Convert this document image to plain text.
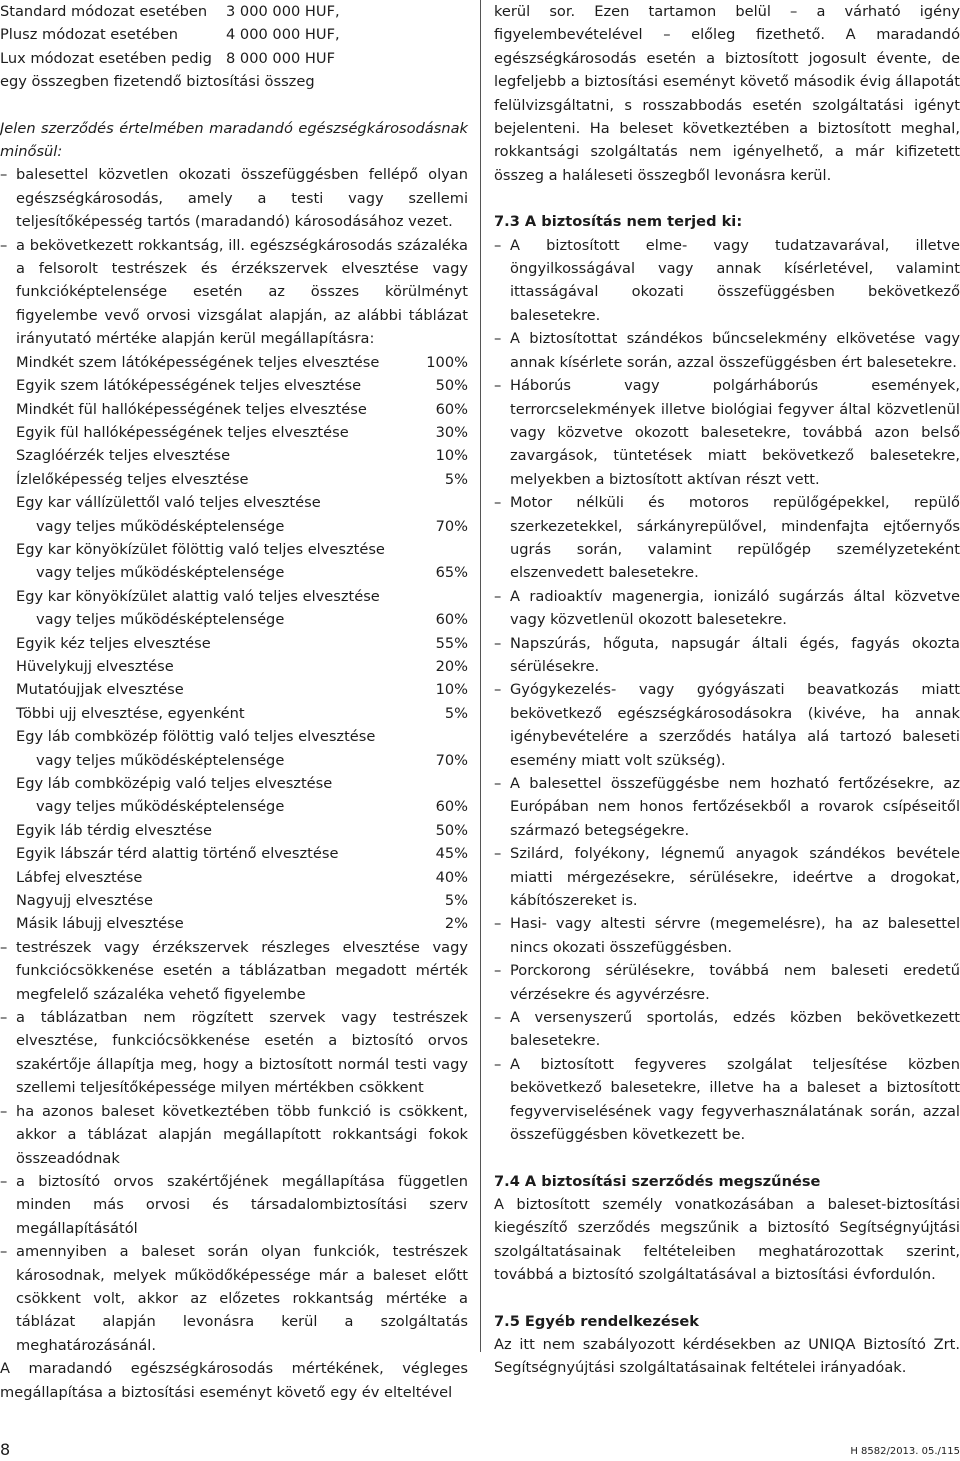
Standard módozat esetében	3 000 000 HUF,
Plusz módozat esetében	4 000 000 HUF,
Lux módozat esetében pedig 8 000 000 HUF

egy összegben fizetendő biztosítási összeg

Jelen szerződés értelmében maradandó egészségkárosodásnak minősül:

– balesettel közvetlen okozati összefüggésben fellépő olyan egészségkárosodás, amely a testi vagy szellemi teljesítőképesség tartós (maradandó) károsodásához vezet.

– a bekövetkezett rokkantság, ill. egészségkárosodás százaléka a felsorolt testrészek és érzékszervek elvesztése vagy funkcióképtelensége esetén az összes körülményt figyelembe vevő orvosi vizsgálat alapján, az alábbi táblázat irányutató mértéke alapján kerül megállapításra:

Mindkét szem látóképességének teljes elvesztése	100%
Egyik szem látóképességének teljes elvesztése	50%
Mindkét fül hallóképességének teljes elvesztése	60%
Egyik fül hallóképességének teljes elvesztése	30%
Szaglóérzék teljes elvesztése	10%
Ízlelőképesség teljes elvesztése	5%
Egy kar vállízülettől való teljes elvesztése
vagy teljes működésképtelensége	70%
Egy kar könyökízület fölöttig való teljes elvesztése
vagy teljes működésképtelensége	65%
Egy kar könyökízület alattig való teljes elvesztése
vagy teljes működésképtelensége	60%
Egyik kéz teljes elvesztése	55%
Hüvelykujj elvesztése	20%
Mutatóujjak elvesztése	10%
Többi ujj elvesztése, egyenként	5%
Egy láb combközép fölöttig való teljes elvesztése
vagy teljes működésképtelensége	70%
Egy láb combközépig való teljes elvesztése
vagy teljes működésképtelensége	60%
Egyik láb térdig elvesztése	50%
Egyik lábszár térd alattig történő elvesztése	45%
Lábfej elvesztése	40%
Nagyujj elvesztése	5%
Másik lábujj elvesztése	2%

– testrészek vagy érzékszervek részleges elvesztése vagy funkciócsökkenése esetén a táblázatban megadott mérték megfelelő százaléka vehető figyelembe

– a táblázatban nem rögzített szervek vagy testrészek elvesztése, funkciócsökkenése esetén a biztosító orvos szakértője állapítja meg, hogy a biztosított normál testi vagy szellemi teljesítőképessége milyen mértékben csökkent

– ha azonos baleset következtében több funkció is csökkent, akkor a táblázat alapján megállapított rokkantsági fokok összeadódnak

– a biztosító orvos szakértőjének megállapítása független minden más orvosi és társadalombiztosítási szerv megállapításától

– amennyiben a baleset során olyan funkciók, testrészek károsodnak, melyek működőképessége már a baleset előtt csökkent volt, akkor az előzetes rokkantság mértéke a táblázat alapján levonásra kerül a szolgáltatás meghatározásánál.

A maradandó egészségkárosodás mértékének, végleges megállapítása a biztosítási eseményt követő egy év elteltével

kerül sor. Ezen tartamon belül – a várható igény figyelembevételével – előleg fizethető. A maradandó egészségkárosodás esetén a biztosított jogosult évente, de legfeljebb a biztosítási eseményt követő második évig állapotát felülvizsgáltatni, s rosszabbodás esetén szolgáltatási igényt bejelenteni. Ha beleset következtében a biztosított meghal, rokkantsági szolgáltatás nem igényelhető, a már kifizetett összeg a haláleseti összegből levonásra kerül.

7.3 A biztosítás nem terjed ki:

– A biztosított elme- vagy tudatzavarával, illetve öngyilkosságával vagy annak kísérletével, valamint ittasságával okozati összefüggésben bekövetkező balesetekre.

– A biztosítottat szándékos bűncselekmény elkövetése vagy annak kísérlete során, azzal összefüggésben ért balesetekre.

– Háborús vagy polgárháborús események, terrorcselekmények illetve biológiai fegyver által közvetlenül vagy közvetve okozott balesetekre, továbbá azon belső zavargások, tüntetések miatt bekövetkező balesetekre, melyekben a biztosított aktívan részt vett.

– Motor nélküli és motoros repülőgépekkel, repülő szerkezetekkel, sárkányrepülővel, mindenfajta ejtőernyős ugrás során, valamint repülőgép személyzeteként elszenvedett balesetekre.

– A radioaktív magenergia, ionizáló sugárzás által közvetve vagy közvetlenül okozott balesetekre.

– Napszúrás, hőguta, napsugár általi égés, fagyás okozta sérülésekre.

– Gyógykezelés- vagy gyógyászati beavatkozás miatt bekövetkező egészségkárosodásokra (kivéve, ha annak igénybevételére a szerződés hatálya alá tartozó baleseti esemény miatt volt szükség).

– A balesettel összefüggésbe nem hozható fertőzésekre, az Európában nem honos fertőzésekből a rovarok csípéseitől származó betegségekre.

– Szilárd, folyékony, légnemű anyagok szándékos bevétele miatti mérgezésekre, sérülésekre, ideértve a drogokat, kábítószereket is.

– Hasi- vagy altesti sérvre (megemelésre), ha az balesettel nincs okozati összefüggésben.

– Porckorong sérülésekre, továbbá nem baleseti eredetű vérzésekre és agyvérzésre.

– A versenyszerű sportolás, edzés közben bekövetkezett balesetekre.

– A biztosított fegyveres szolgálat teljesítése közben bekövetkező balesetekre, illetve ha a baleset a biztosított fegyverviselésének vagy fegyverhasználatának során, azzal összefüggésben következett be.

7.4 A biztosítási szerződés megszűnése

A biztosított személy vonatkozásában a baleset-biztosítási kiegészítő szerződés megszűnik a biztosító Segítségnyújtási szolgáltatásainak feltételeiben meghatározottak szerint, továbbá a biztosító szolgáltatásával a biztosítási évfordulón.

7.5 Egyéb rendelkezések

Az itt nem szabályozott kérdésekben az UNIQA Biztosító Zrt. Segítségnyújtási szolgáltatásainak feltételei irányadóak.

8	H 8582/2013. 05./115
